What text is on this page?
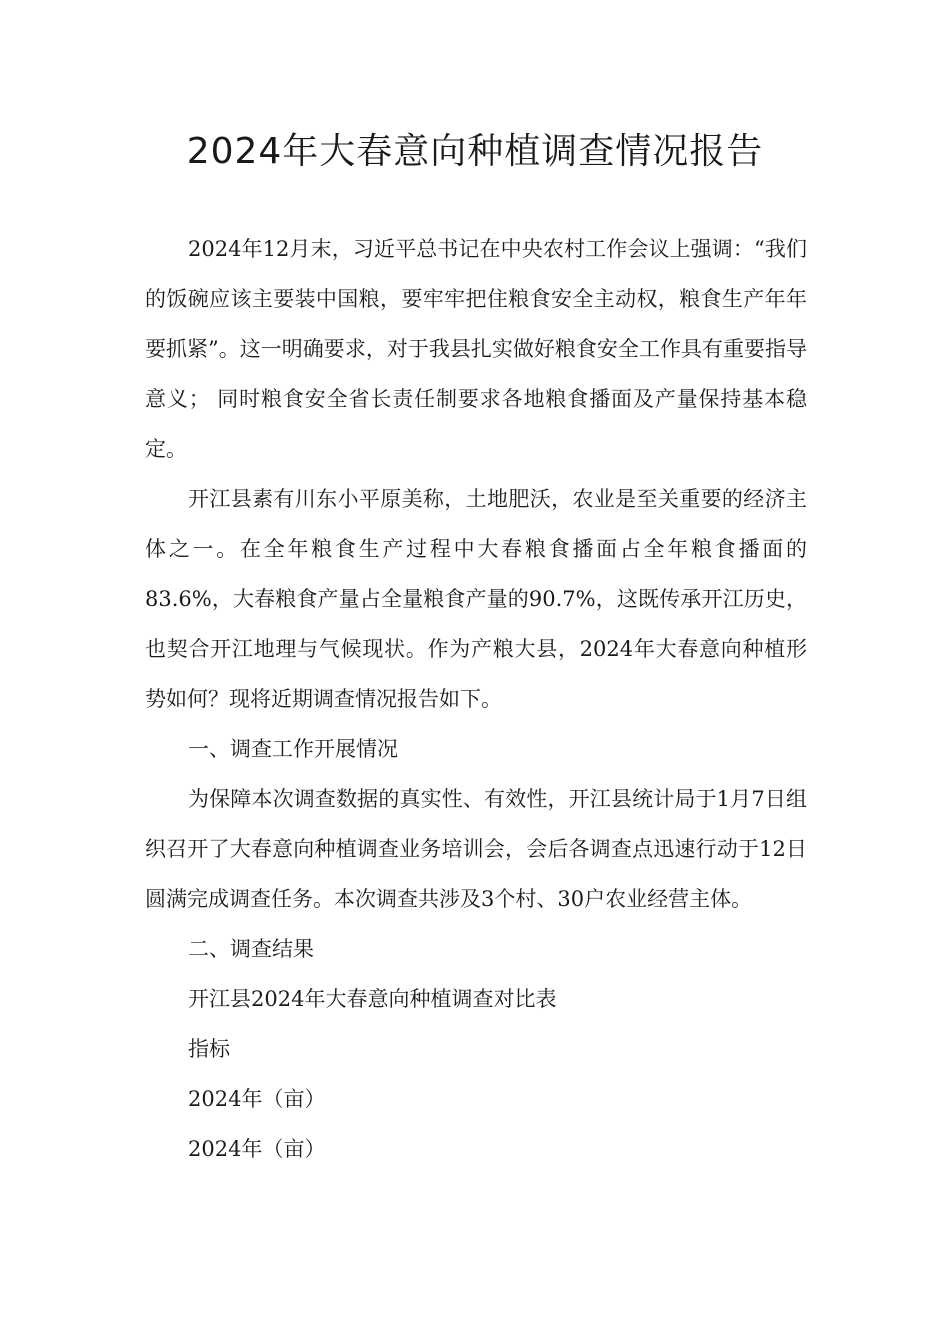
2024年大春意向种植调查情况报告

2024年12月末，习近平总书记在中央农村工作会议上强调：“我们的饭碗应该主要装中国粮，要牢牢把住粮食安全主动权，粮食生产年年要抓紧”。这一明确要求，对于我县扎实做好粮食安全工作具有重要指导意义； 同时粮食安全省长责任制要求各地粮食播面及产量保持基本稳定。

开江县素有川东小平原美称，土地肥沃，农业是至关重要的经济主体之一。在全年粮食生产过程中大春粮食播面占全年粮食播面的83.6%，大春粮食产量占全量粮食产量的90.7%，这既传承开江历史，也契合开江地理与气候现状。作为产粮大县，2024年大春意向种植形势如何？现将近期调查情况报告如下。

一、调查工作开展情况

为保障本次调查数据的真实性、有效性，开江县统计局于1月7日组织召开了大春意向种植调查业务培训会，会后各调查点迅速行动于12日圆满完成调查任务。本次调查共涉及3个村、30户农业经营主体。

二、调查结果

开江县2024年大春意向种植调查对比表

指标

2024年（亩）

2024年（亩）
